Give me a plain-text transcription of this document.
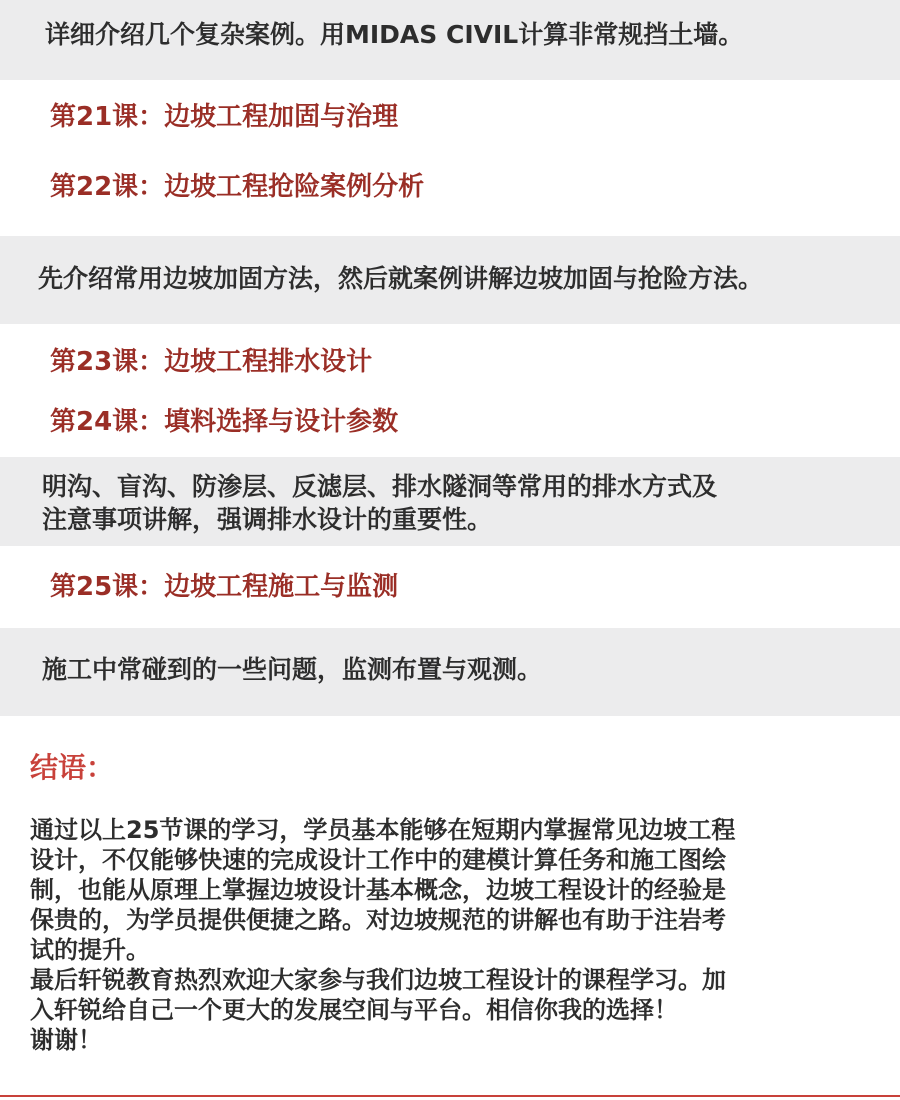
详细介绍几个复杂案例。用MIDAS CIVIL计算非常规挡土墙。
第21课：边坡工程加固与治理
第22课：边坡工程抢险案例分析
先介绍常用边坡加固方法，然后就案例讲解边坡加固与抢险方法。
第23课：边坡工程排水设计
第24课：填料选择与设计参数
明沟、盲沟、防渗层、反滤层、排水隧洞等常用的排水方式及
注意事项讲解，强调排水设计的重要性。
第25课：边坡工程施工与监测
施工中常碰到的一些问题，监测布置与观测。
结语：
通过以上25节课的学习，学员基本能够在短期内掌握常见边坡工程
设计，不仅能够快速的完成设计工作中的建模计算任务和施工图绘
制，也能从原理上掌握边坡设计基本概念，边坡工程设计的经验是
保贵的，为学员提供便捷之路。对边坡规范的讲解也有助于注岩考
试的提升。
最后轩锐教育热烈欢迎大家参与我们边坡工程设计的课程学习。加
入轩锐给自己一个更大的发展空间与平台。相信你我的选择！
谢谢！
